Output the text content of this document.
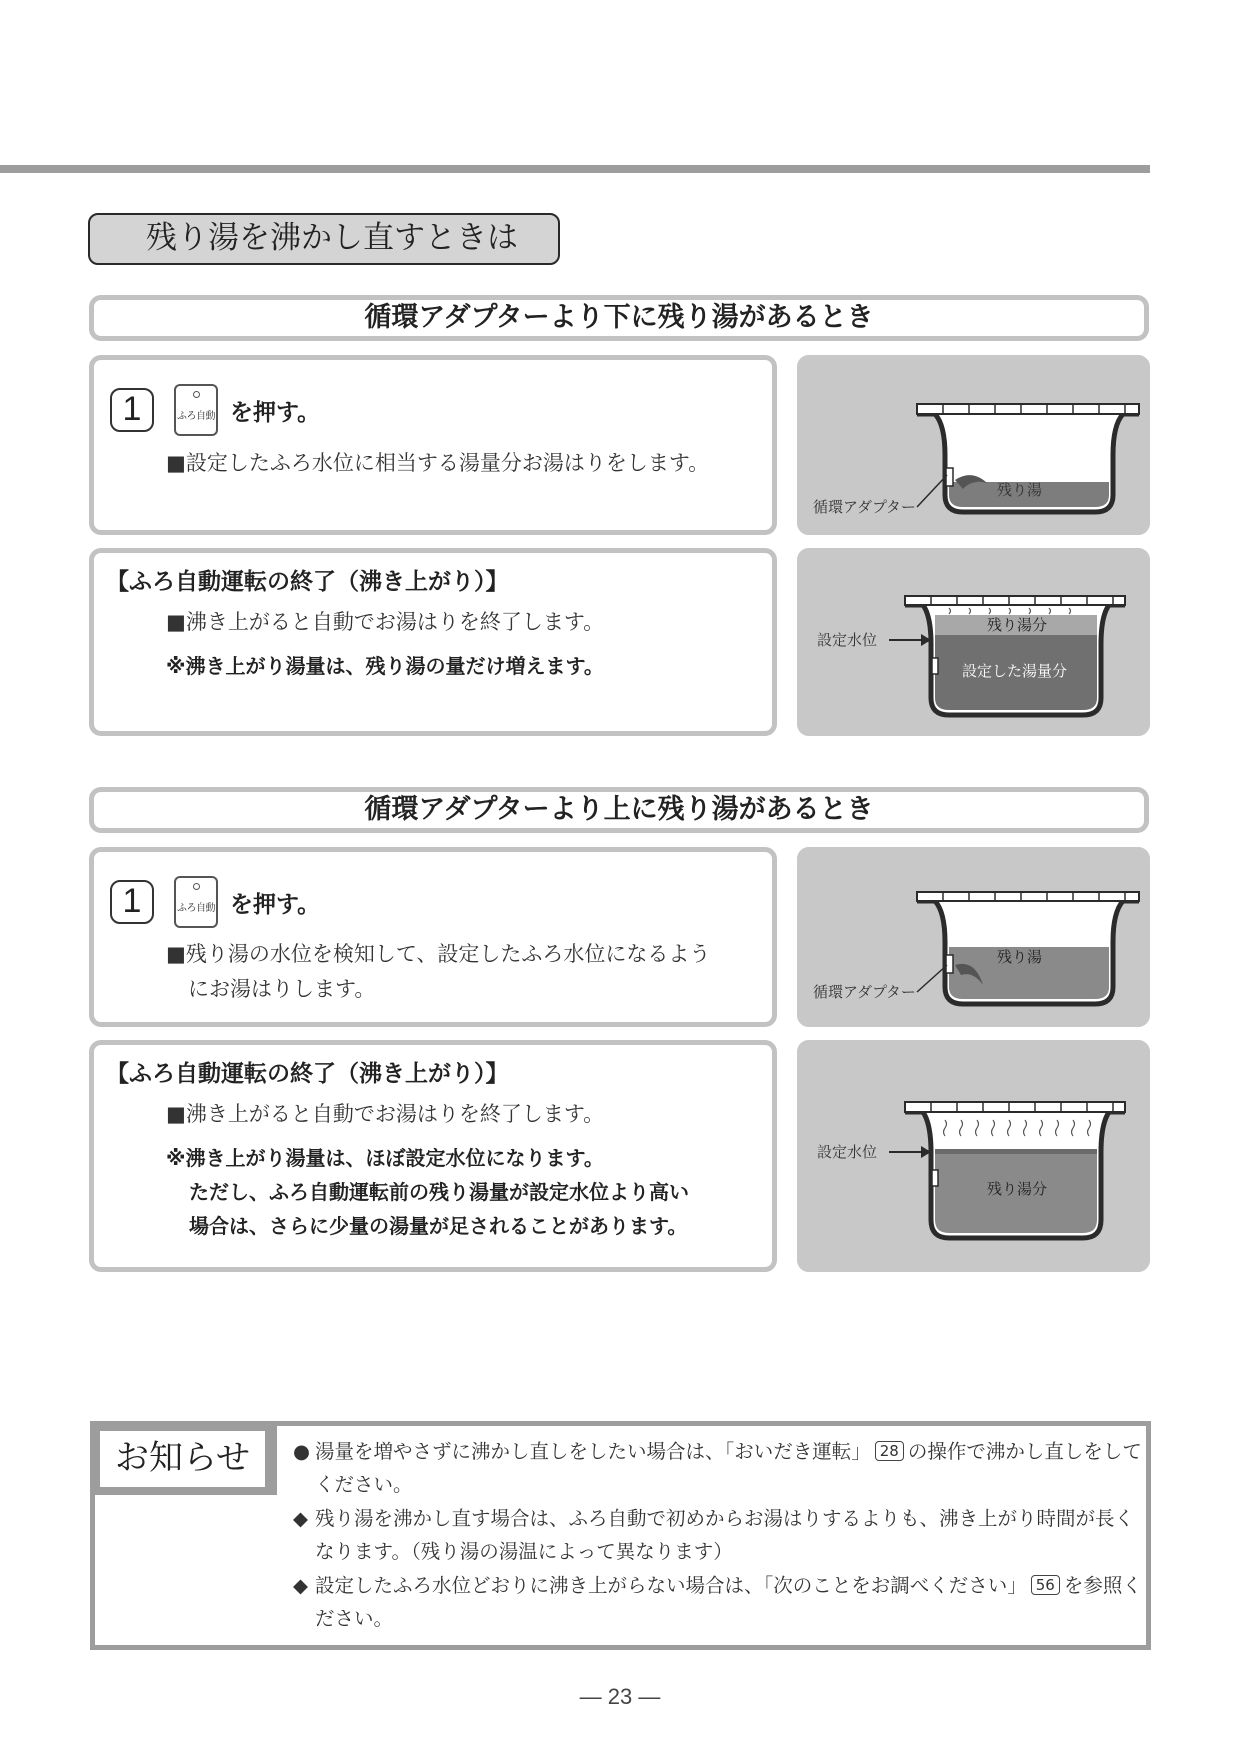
残り湯を沸かし直すときは
循環アダプターより下に残り湯があるとき
1	ふろ自動 を押す。
■設定したふろ水位に相当する湯量分お湯はりをします。
残り湯
循環アダプター
【ふろ自動運転の終了（沸き上がり）】
■沸き上がると自動でお湯はりを終了します。
※沸き上がり湯量は、残り湯の量だけ増えます。
設定水位
残り湯分
設定した湯量分
循環アダプターより上に残り湯があるとき
1	ふろ自動 を押す。
■残り湯の水位を検知して、設定したふろ水位になるよう
にお湯はりします。
残り湯
循環アダプター
【ふろ自動運転の終了（沸き上がり）】
■沸き上がると自動でお湯はりを終了します。
※沸き上がり湯量は、ほぼ設定水位になります。
ただし、ふろ自動運転前の残り湯量が設定水位より高い
場合は、さらに少量の湯量が足されることがあります。
設定水位
残り湯分
お知らせ	● 湯量を増やさずに沸かし直しをしたい場合は、「おいだき運転」 28 の操作で沸かし直しをしてください。
◆ 残り湯を沸かし直す場合は、ふろ自動で初めからお湯はりするよりも、沸き上がり時間が長くなります。（残り湯の湯温によって異なります）
◆ 設定したふろ水位どおりに沸き上がらない場合は、「次のことをお調べください」 56 を参照ください。
— 23 —
